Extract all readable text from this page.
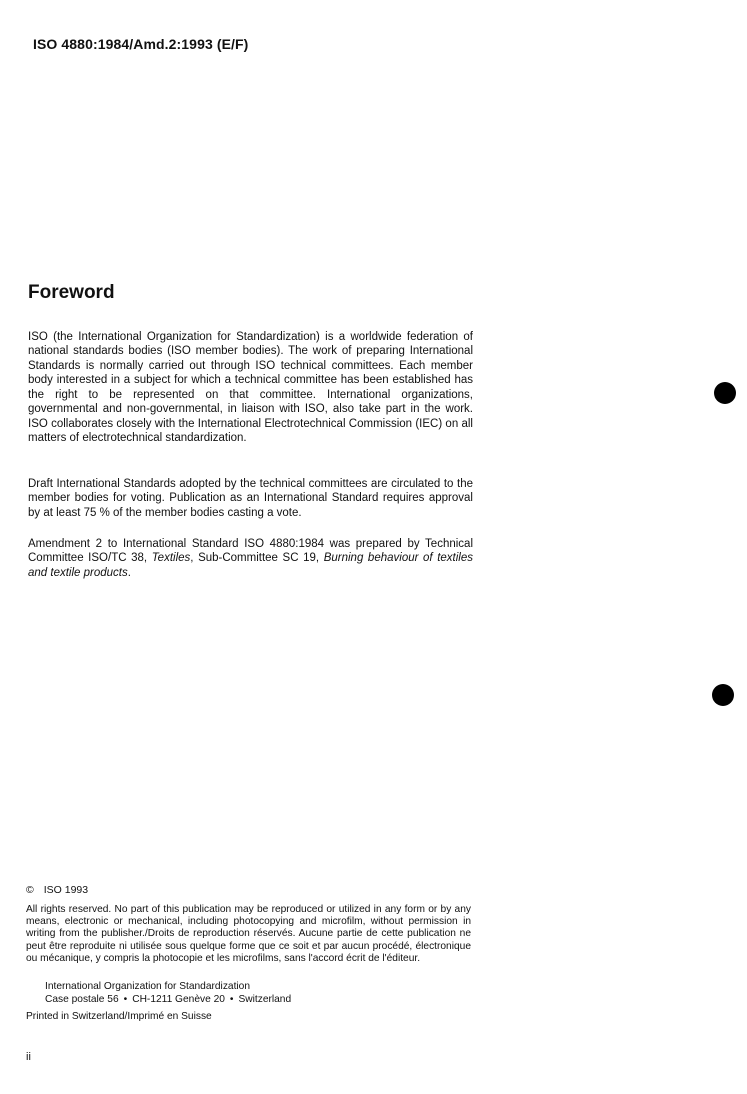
ISO 4880:1984/Amd.2:1993 (E/F)
Foreword

ISO (the International Organization for Standardization) is a worldwide federation of national standards bodies (ISO member bodies). The work of preparing International Standards is normally carried out through ISO technical committees. Each member body interested in a subject for which a technical committee has been established has the right to be represented on that committee. International organizations, governmental and non-governmental, in liaison with ISO, also take part in the work. ISO collaborates closely with the International Electrotechnical Commission (IEC) on all matters of electrotechnical standardization.

Draft International Standards adopted by the technical committees are circulated to the member bodies for voting. Publication as an International Standard requires approval by at least 75 % of the member bodies casting a vote.

Amendment 2 to International Standard ISO 4880:1984 was prepared by Technical Committee ISO/TC 38, Textiles, Sub-Committee SC 19, Burning behaviour of textiles and textile products.

© ISO 1993
All rights reserved. No part of this publication may be reproduced or utilized in any form or by any means, electronic or mechanical, including photocopying and microfilm, without permission in writing from the publisher./Droits de reproduction réservés. Aucune partie de cette publication ne peut être reproduite ni utilisée sous quelque forme que ce soit et par aucun procédé, électronique ou mécanique, y compris la photocopie et les microfilms, sans l'accord écrit de l'éditeur.
International Organization for Standardization
Case postale 56 • CH-1211 Genève 20 • Switzerland
Printed in Switzerland/Imprimé en Suisse
ii
